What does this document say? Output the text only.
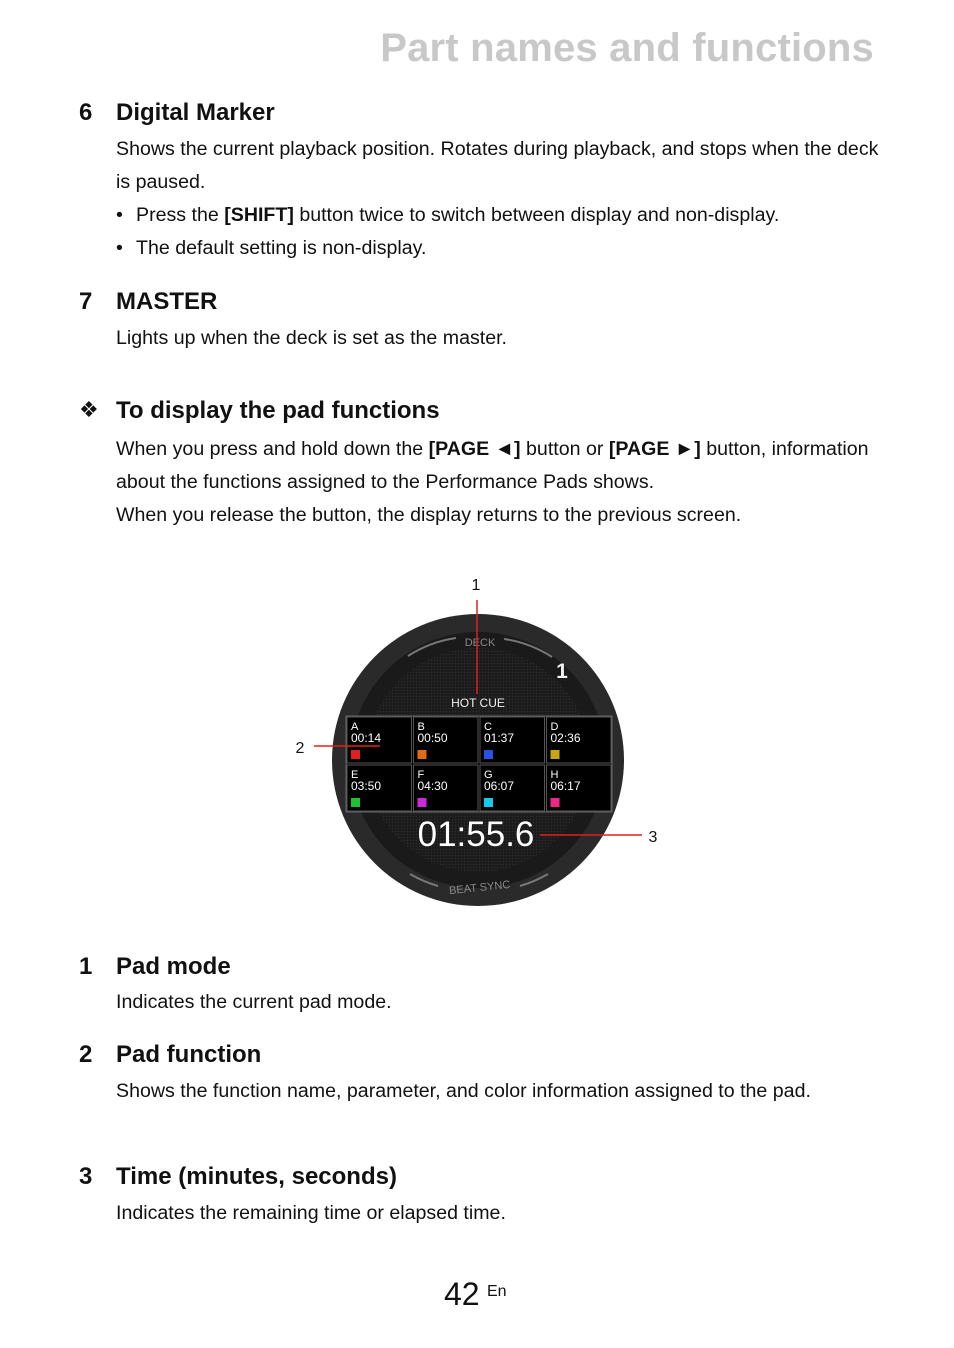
Part names and functions
6 Digital Marker

Shows the current playback position. Rotates during playback, and stops when the deck is paused.

• Press the [SHIFT] button twice to switch between display and non-display.

• The default setting is non-display.

7 MASTER

Lights up when the deck is set as the master.

❖ To display the pad functions

When you press and hold down the [PAGE ◄] button or [PAGE ►] button, information about the functions assigned to the Performance Pads shows.

When you release the button, the display returns to the previous screen.

DECK
1
HOT CUE
A
00:14
B
00:50
C
01:37
D
02:36
E
03:50
F
04:30
G
06:07
H
06:17
01:55.6
BEAT SYNC
1
2
3
1 Pad mode

Indicates the current pad mode.

2 Pad function

Shows the function name, parameter, and color information assigned to the pad.

3 Time (minutes, seconds)

Indicates the remaining time or elapsed time.

42 En
